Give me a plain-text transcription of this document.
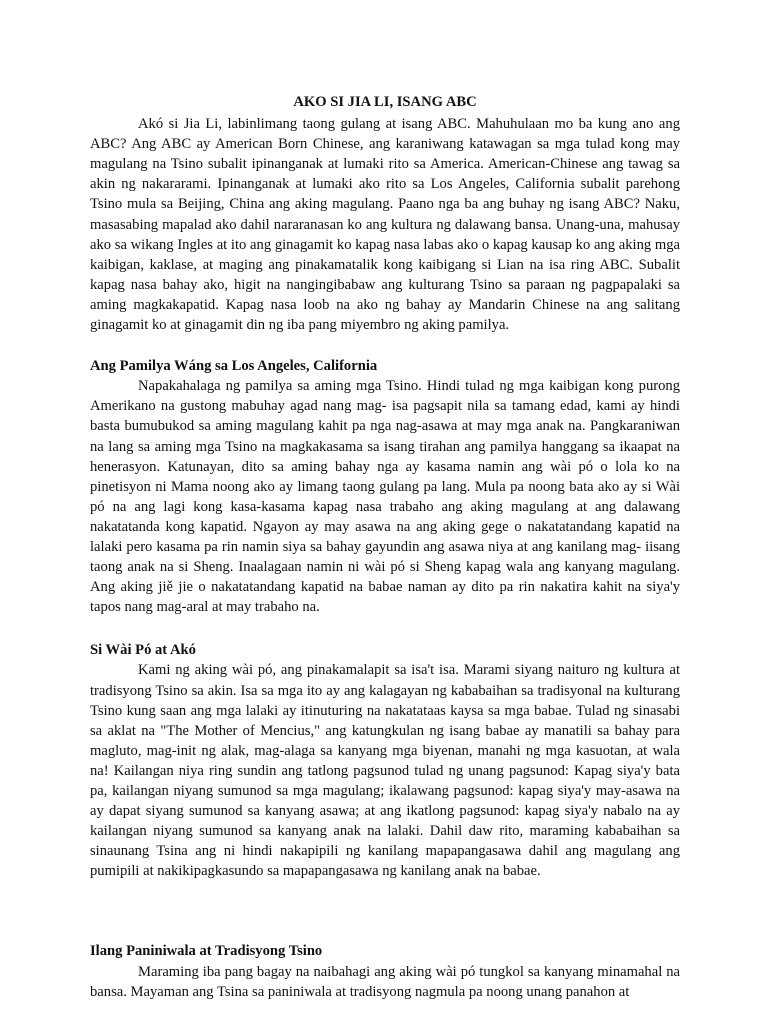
AKO SI JIA LI, ISANG ABC

Akó si Jia Li, labinlimang taong gulang at isang ABC. Mahuhulaan mo ba kung ano ang ABC? Ang ABC ay American Born Chinese, ang karaniwang katawagan sa mga tulad kong may magulang na Tsino subalit ipinanganak at lumaki rito sa America. American-Chinese ang tawag sa akin ng nakararami. Ipinanganak at lumaki ako rito sa Los Angeles, California subalit parehong Tsino mula sa Beijing, China ang aking magulang. Paano nga ba ang buhay ng isang ABC? Naku, masasabing mapalad ako dahil nararanasan ko ang kultura ng dalawang bansa. Unang-una, mahusay ako sa wikang Ingles at ito ang ginagamit ko kapag nasa labas ako o kapag kausap ko ang aking mga kaibigan, kaklase, at maging ang pinakamatalik kong kaibigang si Lian na isa ring ABC. Subalit kapag nasa bahay ako, higit na nangingibabaw ang kulturang Tsino sa paraan ng pagpapalaki sa aming magkakapatid. Kapag nasa loob na ako ng bahay ay Mandarin Chinese na ang salitang ginagamit ko at ginagamit din ng iba pang miyembro ng aking pamilya.

Ang Pamilya Wáng sa Los Angeles, California

Napakahalaga ng pamilya sa aming mga Tsino. Hindi tulad ng mga kaibigan kong purong Amerikano na gustong mabuhay agad nang mag- isa pagsapit nila sa tamang edad, kami ay hindi basta bumubukod sa aming magulang kahit pa nga nag-asawa at may mga anak na. Pangkaraniwan na lang sa aming mga Tsino na magkakasama sa isang tirahan ang pamilya hanggang sa ikaapat na henerasyon. Katunayan, dito sa aming bahay nga ay kasama namin ang wài pó o lola ko na pinetisyon ni Mama noong ako ay limang taong gulang pa lang. Mula pa noong bata ako ay si Wài pó na ang lagi kong kasa-kasama kapag nasa trabaho ang aking magulang at ang dalawang nakatatanda kong kapatid. Ngayon ay may asawa na ang aking gege o nakatatandang kapatid na lalaki pero kasama pa rin namin siya sa bahay gayundin ang asawa niya at ang kanilang mag- iisang taong anak na si Sheng. Inaalagaan namin ni wài pó si Sheng kapag wala ang kanyang magulang. Ang aking jiě jie o nakatatandang kapatid na babae naman ay dito pa rin nakatira kahit na siya'y tapos nang mag-aral at may trabaho na.

Si Wài Pó at Akó

Kami ng aking wài pó, ang pinakamalapit sa isa't isa. Marami siyang naituro ng kultura at tradisyong Tsino sa akin. Isa sa mga ito ay ang kalagayan ng kababaihan sa tradisyonal na kulturang Tsino kung saan ang mga lalaki ay itinuturing na nakatataas kaysa sa mga babae. Tulad ng sinasabi sa aklat na "The Mother of Mencius," ang katungkulan ng isang babae ay manatili sa bahay para magluto, mag-init ng alak, mag-alaga sa kanyang mga biyenan, manahi ng mga kasuotan, at wala na! Kailangan niya ring sundin ang tatlong pagsunod tulad ng unang pagsunod: Kapag siya'y bata pa, kailangan niyang sumunod sa mga magulang; ikalawang pagsunod: kapag siya'y may-asawa na ay dapat siyang sumunod sa kanyang asawa; at ang ikatlong pagsunod: kapag siya'y nabalo na ay kailangan niyang sumunod sa kanyang anak na lalaki. Dahil daw rito, maraming kababaihan sa sinaunang Tsina ang ni hindi nakapipili ng kanilang mapapangasawa dahil ang magulang ang pumipili at nakikipagkasundo sa mapapangasawa ng kanilang anak na babae.

Ilang Paniniwala at Tradisyong Tsino

Maraming iba pang bagay na naibahagi ang aking wài pó tungkol sa kanyang minamahal na bansa. Mayaman ang Tsina sa paniniwala at tradisyong nagmula pa noong unang panahon at
